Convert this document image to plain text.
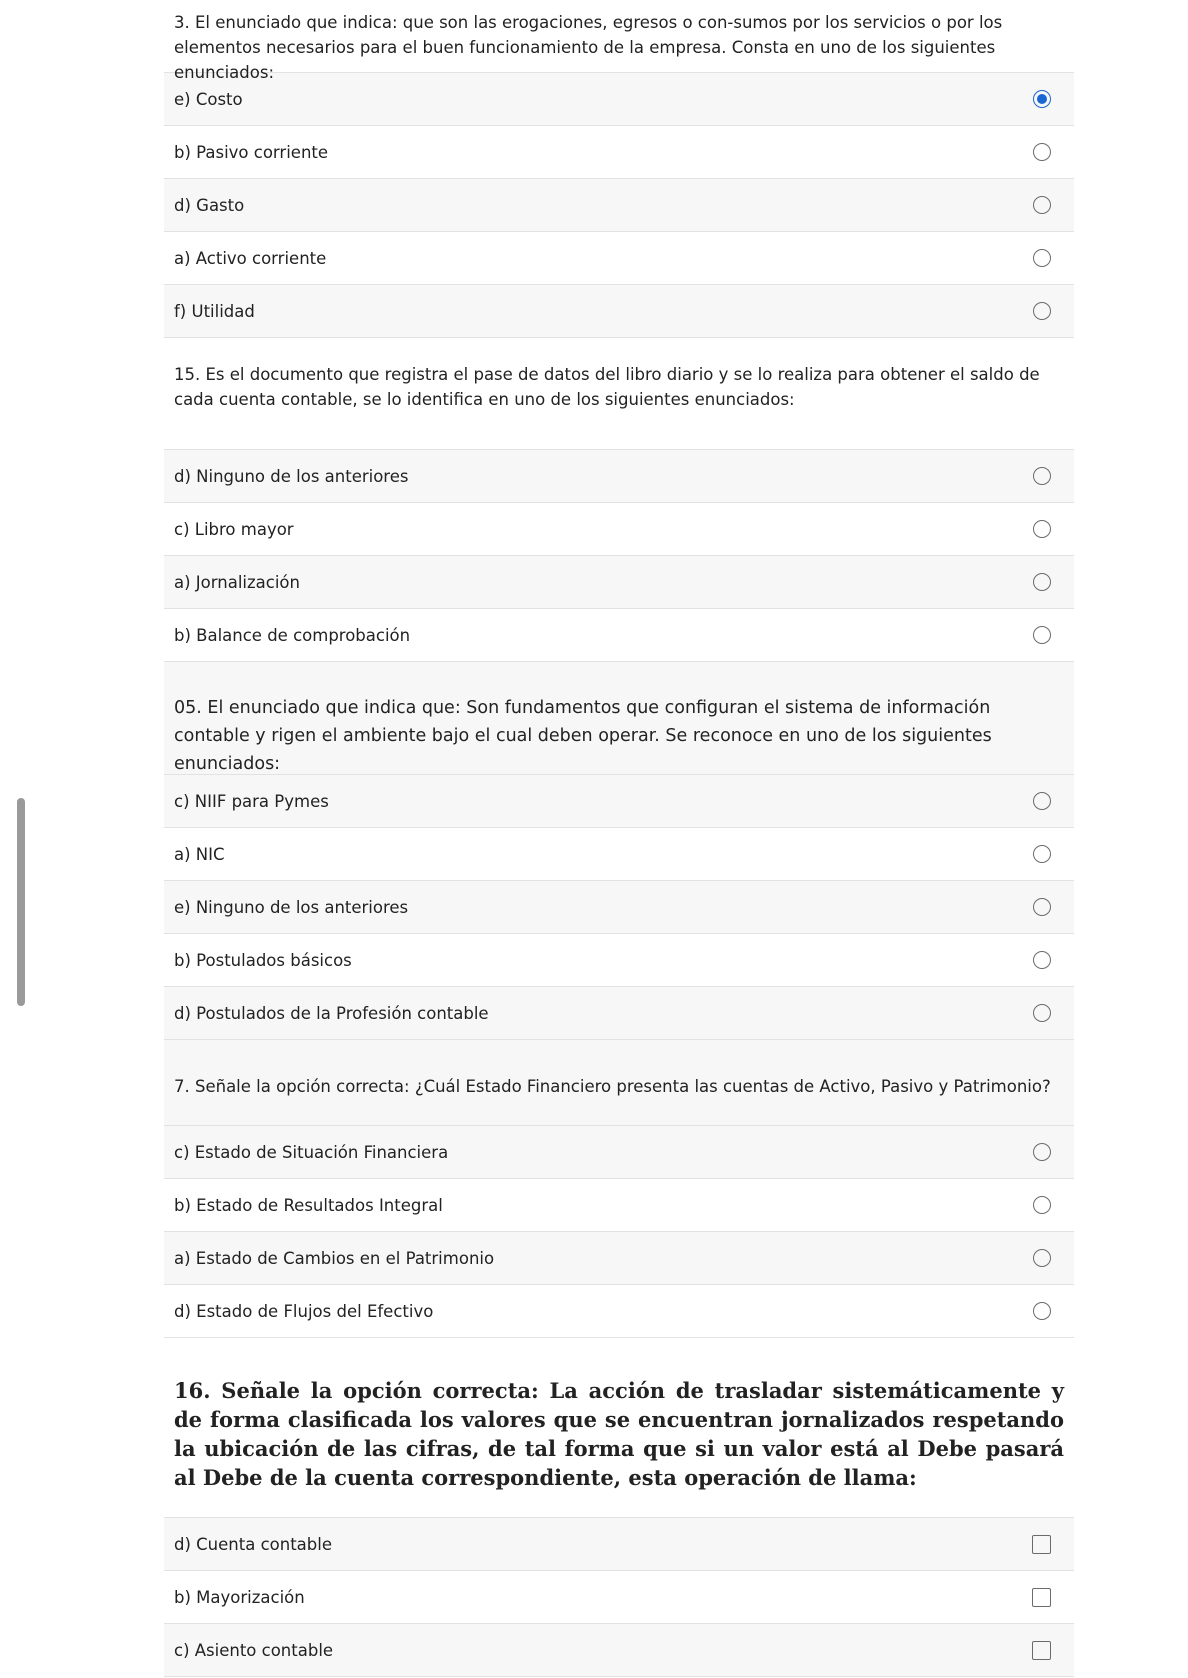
3. El enunciado que indica: que son las erogaciones, egresos o con-sumos por los servicios o por los elementos necesarios para el buen funcionamiento de la empresa. Consta en uno de los siguientes enunciados:
e) Costo
b) Pasivo corriente
d) Gasto
a) Activo corriente
f) Utilidad
15. Es el documento que registra el pase de datos del libro diario y se lo realiza para obtener el saldo de cada cuenta contable, se lo identifica en uno de los siguientes enunciados:
d) Ninguno de los anteriores
c) Libro mayor
a) Jornalización
b) Balance de comprobación
05. El enunciado que indica que: Son fundamentos que configuran el sistema de información contable y rigen el ambiente bajo el cual deben operar. Se reconoce en uno de los siguientes enunciados:
c) NIIF para Pymes
a) NIC
e) Ninguno de los anteriores
b) Postulados básicos
d) Postulados de la Profesión contable
7. Señale la opción correcta: ¿Cuál Estado Financiero presenta las cuentas de Activo, Pasivo y Patrimonio?
c) Estado de Situación Financiera
b) Estado de Resultados Integral
a) Estado de Cambios en el Patrimonio
d) Estado de Flujos del Efectivo
16. Señale la opción correcta: La acción de trasladar sistemáticamente y de forma clasificada los valores que se encuentran jornalizados respetando la ubicación de las cifras, de tal forma que si un valor está al Debe pasará al Debe de la cuenta correspondiente, esta operación de llama:
d) Cuenta contable
b) Mayorización
c) Asiento contable
